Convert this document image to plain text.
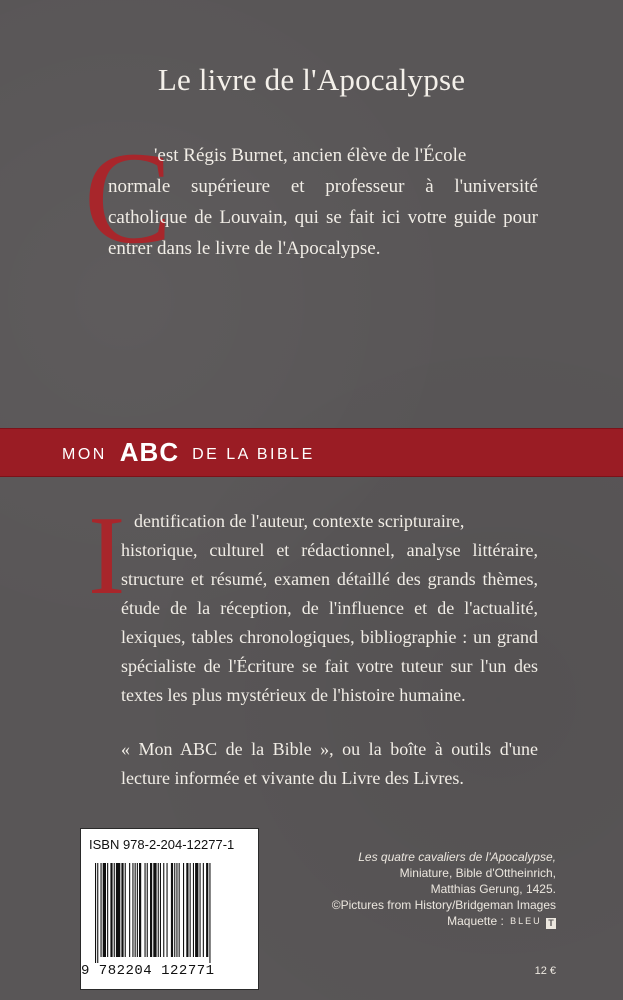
Le livre de l'Apocalypse
C

'est Régis Burnet, ancien élève de l'École
normale supérieure et professeur à l'université catholique de Louvain, qui se fait ici votre guide pour entrer dans le livre de l'Apocalypse.

MON ABC DE LA BIBLE
I dentification de l'auteur, contexte scripturaire,
historique, culturel et rédactionnel, analyse littéraire, structure et résumé, examen détaillé des grands thèmes, étude de la réception, de l'influence et de l'actualité, lexiques, tables chronologiques, bibliographie : un grand spécialiste de l'Écriture se fait votre tuteur sur l'un des textes les plus mystérieux de l'histoire humaine.

« Mon ABC de la Bible », ou la boîte à outils d'une lecture informée et vivante du Livre des Livres.

ISBN 978-2-204-12277-1
9 782204 122771
Les quatre cavaliers de l'Apocalypse,
Miniature, Bible d'Ottheinrich,
Matthias Gerung, 1425.
©Pictures from History/Bridgeman Images
Maquette : BLEU T
12 €
